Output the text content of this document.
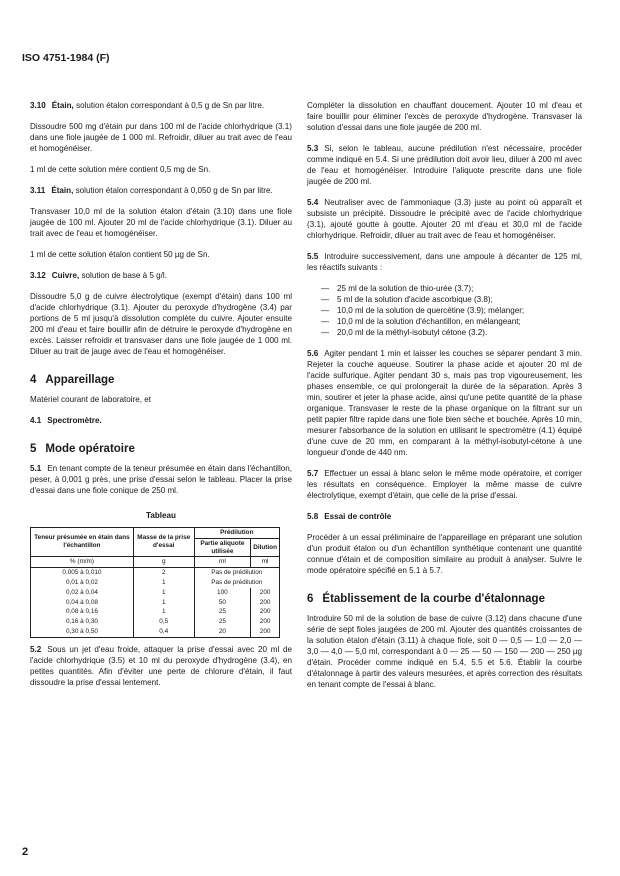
ISO 4751-1984 (F)

3.10 Étain, solution étalon correspondant à 0,5 g de Sn par litre.

Dissoudre 500 mg d'étain pur dans 100 ml de l'acide chlorhydrique (3.1) dans une fiole jaugée de 1 000 ml. Refroidir, diluer au trait avec de l'eau et homogénéiser.

1 ml de cette solution mère contient 0,5 mg de Sn.

3.11 Étain, solution étalon correspondant à 0,050 g de Sn par litre.

Transvaser 10,0 ml de la solution étalon d'étain (3.10) dans une fiole jaugée de 100 ml. Ajouter 20 ml de l'acide chlorhydrique (3.1). Diluer au trait avec de l'eau et homogénéiser.

1 ml de cette solution étalon contient 50 µg de Sn.

3.12 Cuivre, solution de base à 5 g/l.

Dissoudre 5,0 g de cuivre électrolytique (exempt d'étain) dans 100 ml d'acide chlorhydrique (3.1). Ajouter du peroxyde d'hydrogène (3.4) par portions de 5 ml jusqu'à dissolution complète du cuivre. Ajouter ensuite 200 ml d'eau et faire bouillir afin de détruire le peroxyde d'hydrogène en excès. Laisser refroidir et transvaser dans une fiole jaugée de 1 000 ml. Diluer au trait de jauge avec de l'eau et homogénéiser.

4 Appareillage

Matériel courant de laboratoire, et

4.1 Spectromètre.

5 Mode opératoire

5.1 En tenant compte de la teneur présumée en étain dans l'échantillon, peser, à 0,001 g près, une prise d'essai selon le tableau. Placer la prise d'essai dans une fiole conique de 250 ml.

Tableau
Teneur présumée en étain dans l'échantillon	Masse de la prise d'essai	Prédilution	
		Partie aliquote utilisée	Dilution
% (m/m)	g	ml	ml
0,005 à 0,010	2	Pas de prédilution	
0,01 à 0,02	1	Pas de prédilution	
0,02 à 0,04	1	100	200
0,04 à 0,08	1	50	200
0,08 à 0,16	1	25	200
0,16 à 0,30	0,5	25	200
0,30 à 0,50	0,4	20	200

5.2 Sous un jet d'eau froide, attaquer la prise d'essai avec 20 ml de l'acide chlorhydrique (3.5) et 10 ml du peroxyde d'hydrogène (3.4), en petites quantités. Afin d'éviter une perte de chlorure d'étain, il faut dissoudre la prise d'essai lentement.

Compléter la dissolution en chauffant doucement. Ajouter 10 ml d'eau et faire bouillir pour éliminer l'excès de peroxyde d'hydrogène. Transvaser la solution d'essai dans une fiole jaugée de 200 ml.

5.3 Si, selon le tableau, aucune prédilution n'est nécessaire, procéder comme indiqué en 5.4. Si une prédilution doit avoir lieu, diluer à 200 ml avec de l'eau et homogénéiser. Introduire l'aliquote prescrite dans une fiole jaugée de 200 ml.

5.4 Neutraliser avec de l'ammoniaque (3.3) juste au point où apparaît et subsiste un précipité. Dissoudre le précipité avec de l'acide chlorhydrique (3.1), ajouté goutte à goutte. Ajouter 20 ml d'eau et 30,0 ml de l'acide chlorhydrique. Refroidir, diluer au trait avec de l'eau et homogénéiser.

5.5 Introduire successivement, dans une ampoule à décanter de 125 ml, les réactifs suivants :

— 25 ml de la solution de thio-urée (3.7);
— 5 ml de la solution d'acide ascorbique (3.8);
— 10,0 ml de la solution de quercétine (3.9); mélanger;
— 10,0 ml de la solution d'échantillon, en mélangeant;
— 20,0 ml de la méthyl-isobutyl cétone (3.2).

5.6 Agiter pendant 1 min et laisser les couches se séparer pendant 3 min. Rejeter la couche aqueuse. Soutirer la phase acide et ajouter 20 ml de l'acide sulfurique. Agiter pendant 30 s, mais pas trop vigoureusement, les phases ensemble, ce qui prolongerait la durée de la séparation. Après 3 min, soutirer et jeter la phase acide, ainsi qu'une petite quantité de la phase organique. Transvaser le reste de la phase organique on la filtrant sur un petit papier filtre rapide dans une fiole bien sèche et bouchée. Après 10 min, mesurer l'absorbance de la solution en utilisant le spectromètre (4.1) équipé d'une cuve de 20 mm, en comparant à la méthyl-isobutyl-cétone à une longueur d'onde de 440 nm.

5.7 Effectuer un essai à blanc selon le même mode opératoire, et corriger les résultats en conséquence. Employer la même masse de cuivre électrolytique, exempt d'étain, que celle de la prise d'essai.

5.8 Essai de contrôle

Procéder à un essai préliminaire de l'appareillage en préparant une solution d'un produit étalon ou d'un échantillon synthétique contenant une quantité connue d'étain et de composition similaire au produit à analyser. Suivre le mode opératoire spécifié en 5.1 à 5.7.

6 Établissement de la courbe d'étalonnage

Introduire 50 ml de la solution de base de cuivre (3.12) dans chacune d'une série de sept fioles jaugées de 200 ml. Ajouter des quantités croissantes de la solution étalon d'étain (3.11) à chaque fiole, soit 0 — 0,5 — 1,0 — 2,0 — 3,0 — 4,0 — 5,0 ml, correspondant à 0 — 25 — 50 — 150 — 200 — 250 µg d'étain. Procéder comme indiqué en 5.4, 5.5 et 5.6. Établir la courbe d'étalonnage à partir des valeurs mesurées, et après correction des résultats en tenant compte de l'essai à blanc.

2
